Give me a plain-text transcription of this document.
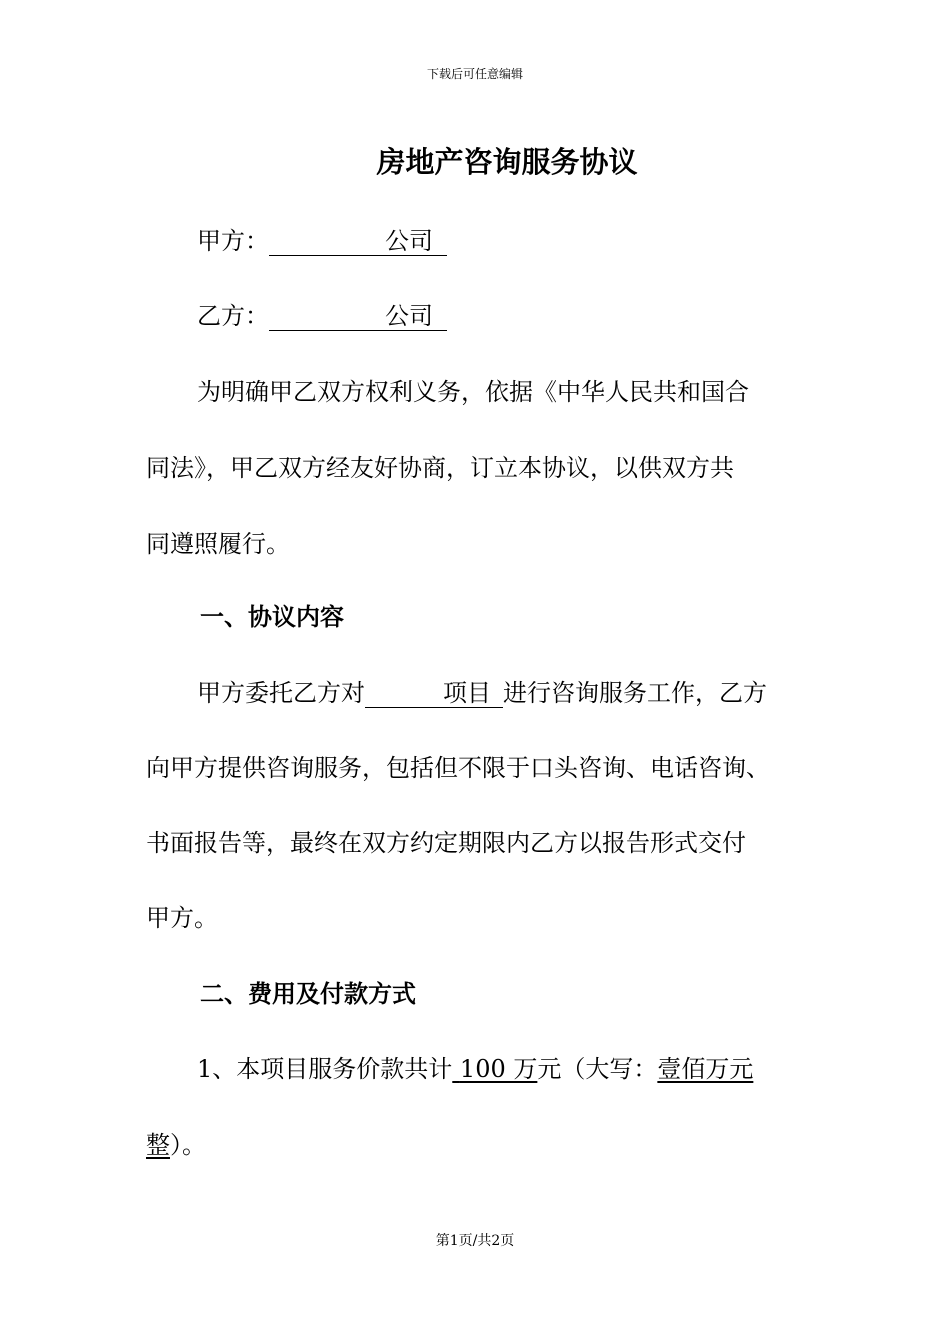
下载后可任意编辑
房地产咨询服务协议
甲方：	公司
乙方：	公司
为明确甲乙双方权利义务，依据《中华人民共和国合
同法》，甲乙双方经友好协商，订立本协议，以供双方共
同遵照履行。
一、协议内容
甲方委托乙方对	项目 进行咨询服务工作，乙方
向甲方提供咨询服务，包括但不限于口头咨询、电话咨询、
书面报告等，最终在双方约定期限内乙方以报告形式交付
甲方。
二、费用及付款方式
1、本项目服务价款共计 100 万元（大写：壹佰万元
整）。
第1页/共2页
